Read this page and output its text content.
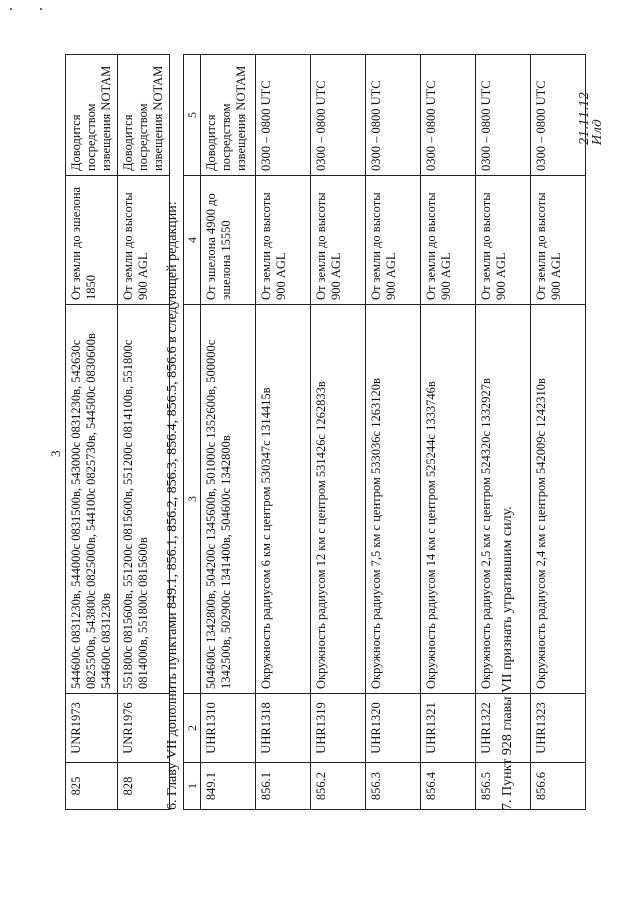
3
825	UNR1973	544600с 0831230в, 544000с 0831500в, 543000с 0831230в, 542630с 0825500в, 543800с 0825000в, 544100с 0825730в, 544500с 0830600в 544600с 0831230в	От земли до эшелона 1850	Доводится посредством извещения NOTAM
828	UNR1976	551800с 0815600в, 551200с 0815600в, 551200с 0814100в, 551800с 0814000в, 551800с 0815600в	От земли до высоты 900 AGL	Доводится посредством извещения NOTAM
6. Главу VII дополнить пунктами 849.1, 856.1, 856.2, 856.3, 856.4, 856.5, 856.6 в следующей редакции: 1	2	3	4	5
849.1	UHR1310	504600с 1342800в, 504200с 1345600в, 501000с 1352600в, 500000с 1342500в, 502900с 1341400в, 504600с 1342800в	От эшелона 4900 до эшелона 15550	Доводится посредством извещения NOTAM
856.1	UHR1318	Окружность радиусом 6 км с центром 530347с 1314415в	От земли до высоты 900 AGL	0300 – 0800 UTC
856.2	UHR1319	Окружность радиусом 12 км с центром 531426с 1262833в	От земли до высоты 900 AGL	0300 – 0800 UTC
856.3	UHR1320	Окружность радиусом 7,5 км с центром 533036с 1263120в	От земли до высоты 900 AGL	0300 – 0800 UTC
856.4	UHR1321	Окружность радиусом 14 км с центром 525244с 1333746в	От земли до высоты 900 AGL	0300 – 0800 UTC
856.5	UHR1322	Окружность радиусом 2,5 км с центром 524320с 1332927в	От земли до высоты 900 AGL	0300 – 0800 UTC
856.6	UHR1323	Окружность радиусом 2,4 км с центром 542009с 1242310в	От земли до высоты 900 AGL	0300 – 0800 UTC
7. Пункт 928 главы VII признать утратившим силу.
21.11.12 Илд
